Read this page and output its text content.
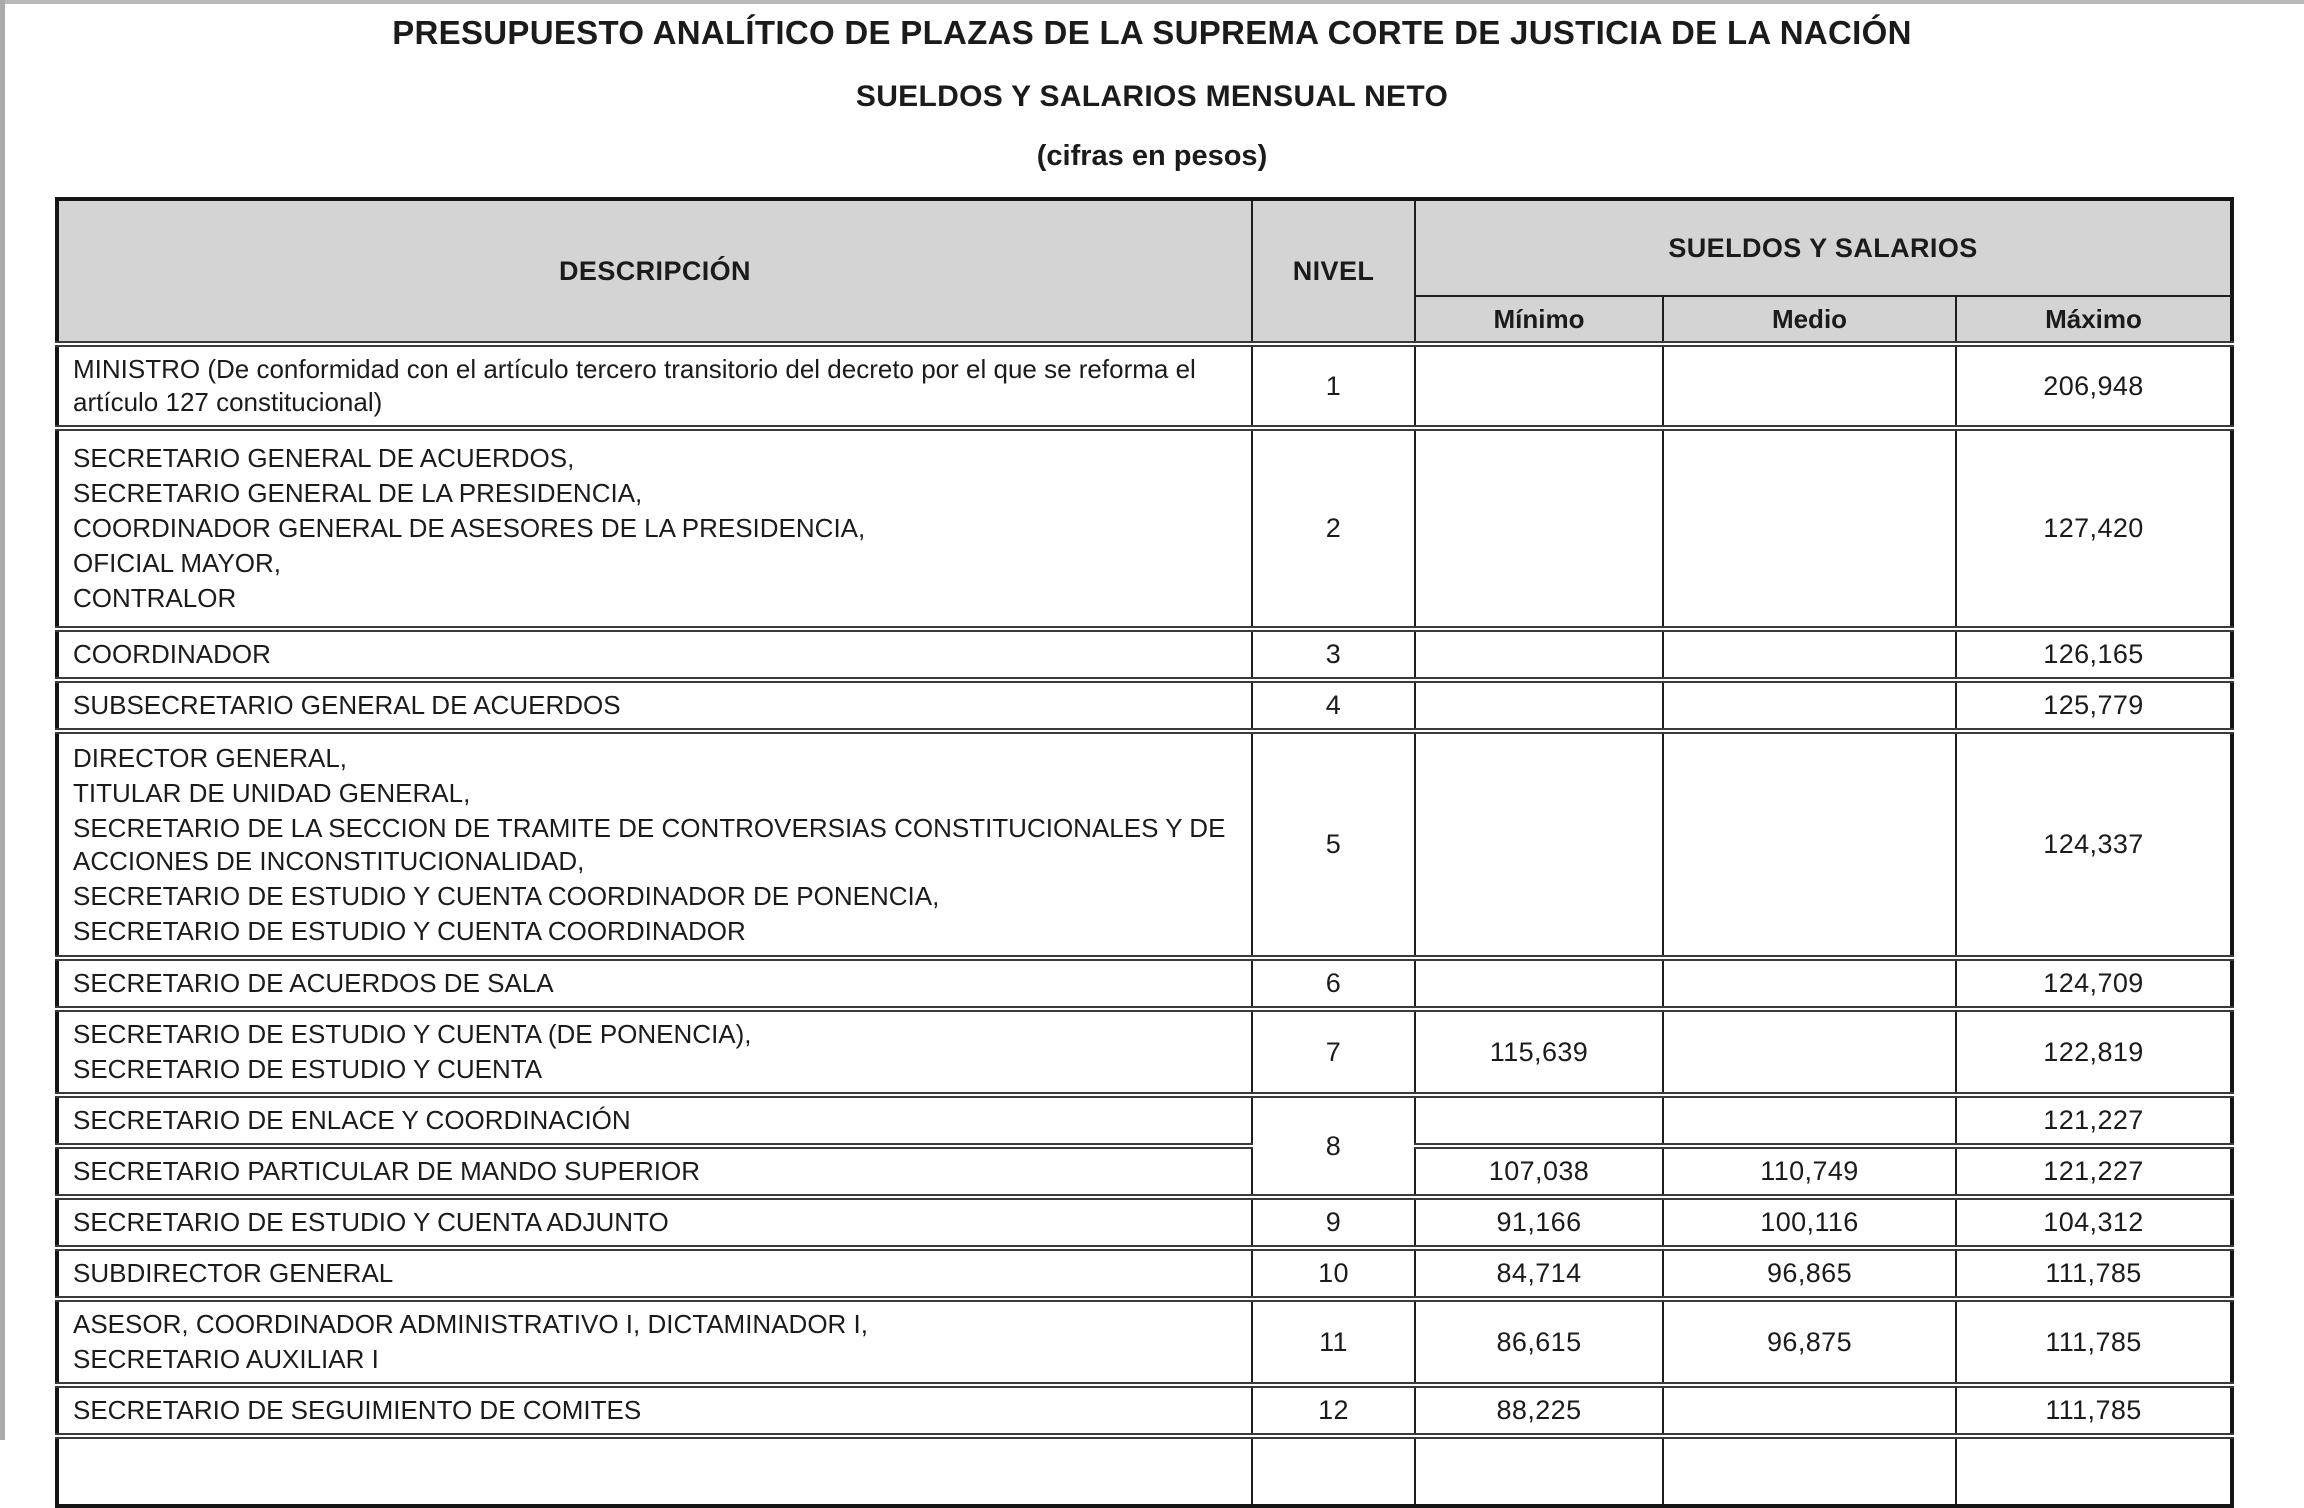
PRESUPUESTO ANALÍTICO DE PLAZAS DE LA SUPREMA CORTE DE JUSTICIA DE LA NACIÓN
SUELDOS Y SALARIOS MENSUAL NETO
(cifras en pesos)
DESCRIPCIÓN	NIVEL	SUELDOS Y SALARIOS		
		Mínimo	Medio	Máximo

MINISTRO (De conformidad con el artículo tercero transitorio del decreto por el que se reforma el artículo 127 constitucional)	1			206,948

SECRETARIO GENERAL DE ACUERDOS,
SECRETARIO GENERAL DE LA PRESIDENCIA,
COORDINADOR GENERAL DE ASESORES DE LA PRESIDENCIA,
OFICIAL MAYOR,
CONTRALOR	2			127,420

COORDINADOR	3			126,165

SUBSECRETARIO GENERAL DE ACUERDOS	4			125,779

DIRECTOR GENERAL,
TITULAR DE UNIDAD GENERAL,
SECRETARIO DE LA SECCION DE TRAMITE DE CONTROVERSIAS CONSTITUCIONALES Y DE ACCIONES DE INCONSTITUCIONALIDAD,
SECRETARIO DE ESTUDIO Y CUENTA COORDINADOR DE PONENCIA,
SECRETARIO DE ESTUDIO Y CUENTA COORDINADOR	5			124,337

SECRETARIO DE ACUERDOS DE SALA	6			124,709

SECRETARIO DE ESTUDIO Y CUENTA (DE PONENCIA),
SECRETARIO DE ESTUDIO Y CUENTA	7	115,639		122,819

SECRETARIO DE ENLACE Y COORDINACIÓN	8			121,227

SECRETARIO PARTICULAR DE MANDO SUPERIOR		107,038	110,749	121,227

SECRETARIO DE ESTUDIO Y CUENTA ADJUNTO	9	91,166	100,116	104,312

SUBDIRECTOR GENERAL	10	84,714	96,865	111,785

ASESOR, COORDINADOR ADMINISTRATIVO I, DICTAMINADOR I,
SECRETARIO AUXILIAR I	11	86,615	96,875	111,785

SECRETARIO DE SEGUIMIENTO DE COMITES	12	88,225		111,785
